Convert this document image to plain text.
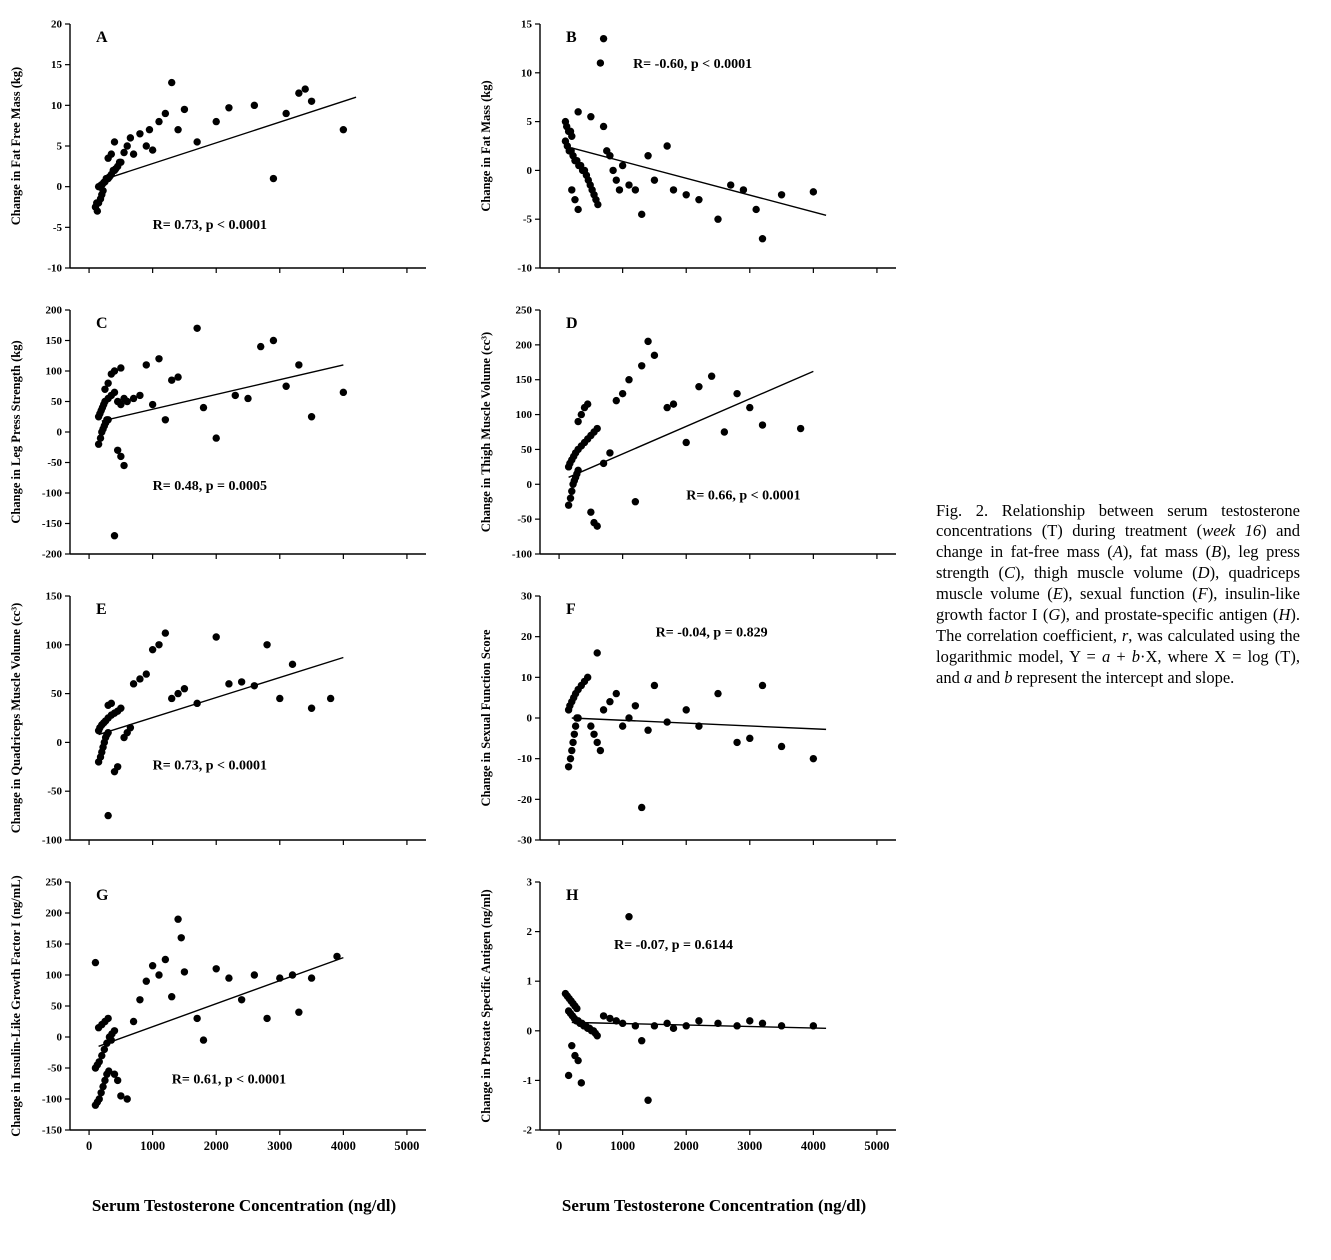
20
15
10
5
0
-5
-10
A
R= 0.73, p < 0.0001
Change in Fat Free Mass (kg)
200
150
100
50
0
-50
-100
-150
-200
C
R= 0.48, p = 0.0005
Change in Leg Press Strength (kg)
150
100
50
0
-50
-100
E
R= 0.73, p < 0.0001
Change in Quadriceps Muscle Volume (cc³)
250
200
150
100
50
0
-50
-100
-150
0	1000	2000	3000	4000	5000
G
R= 0.61, p < 0.0001
Change in Insulin-Like Growth Factor I (ng/mL)
Serum Testosterone Concentration (ng/dl)
15
10
5
0
-5
-10
B
R= -0.60, p < 0.0001
Change in Fat Mass (kg)
250
200
150
100
50
0
-50
-100
D
R= 0.66, p < 0.0001
Change in Thigh Muscle Volume (cc³)
30
20
10
0
-10
-20
-30
F
R= -0.04, p = 0.829
Change in Sexual Function Score
3
2
1
0
-1
-2
0	1000	2000	3000	4000	5000
H
R= -0.07, p = 0.6144
Change in Prostate Specific Antigen (ng/ml)
Serum Testosterone Concentration (ng/dl)

Fig. 2. Relationship between serum testosterone concentrations (T) during treatment (week 16) and change in fat-free mass (A), fat mass (B), leg press strength (C), thigh muscle volume (D), quadriceps muscle volume (E), sexual function (F), insulin-like growth factor I (G), and prostate-specific antigen (H). The correlation coefficient, r, was calculated using the logarithmic model, Y = a + b·X, where X = log (T), and a and b represent the intercept and slope.
